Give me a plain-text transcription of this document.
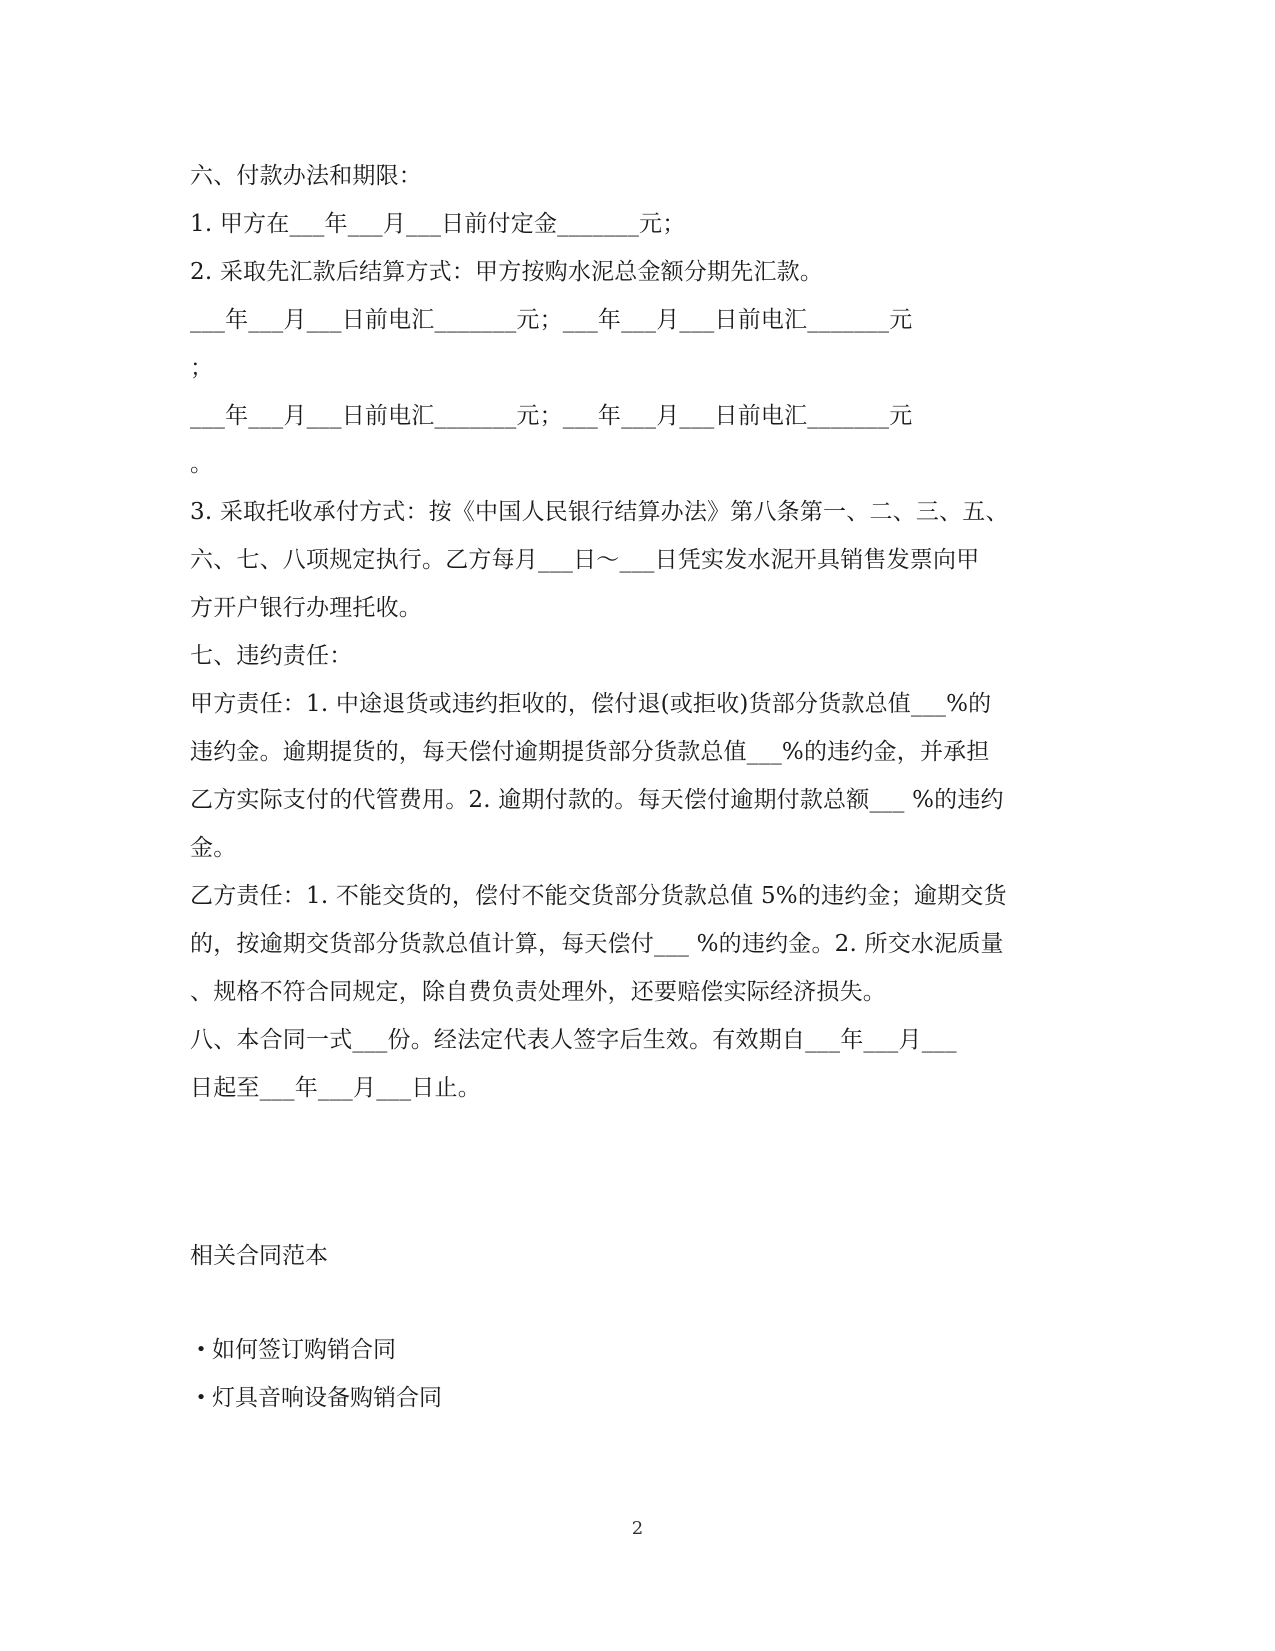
六、付款办法和期限：
1. 甲方在___年___月___日前付定金_______元；
2. 采取先汇款后结算方式：甲方按购水泥总金额分期先汇款。
___年___月___日前电汇_______元；___年___月___日前电汇_______元
；
___年___月___日前电汇_______元；___年___月___日前电汇_______元
。
3. 采取托收承付方式：按《中国人民银行结算办法》第八条第一、二、三、五、
六、七、八项规定执行。乙方每月___日～___日凭实发水泥开具销售发票向甲
方开户银行办理托收。
七、违约责任：
甲方责任：1. 中途退货或违约拒收的，偿付退(或拒收)货部分货款总值___%的
违约金。逾期提货的，每天偿付逾期提货部分货款总值___%的违约金，并承担
乙方实际支付的代管费用。2. 逾期付款的。每天偿付逾期付款总额___ %的违约
金。
乙方责任：1. 不能交货的，偿付不能交货部分货款总值 5%的违约金；逾期交货
的，按逾期交货部分货款总值计算，每天偿付___ %的违约金。2. 所交水泥质量
、规格不符合同规定，除自费负责处理外，还要赔偿实际经济损失。
八、本合同一式___份。经法定代表人签字后生效。有效期自___年___月___
日起至___年___月___日止。
相关合同范本
• 如何签订购销合同
• 灯具音响设备购销合同
2
